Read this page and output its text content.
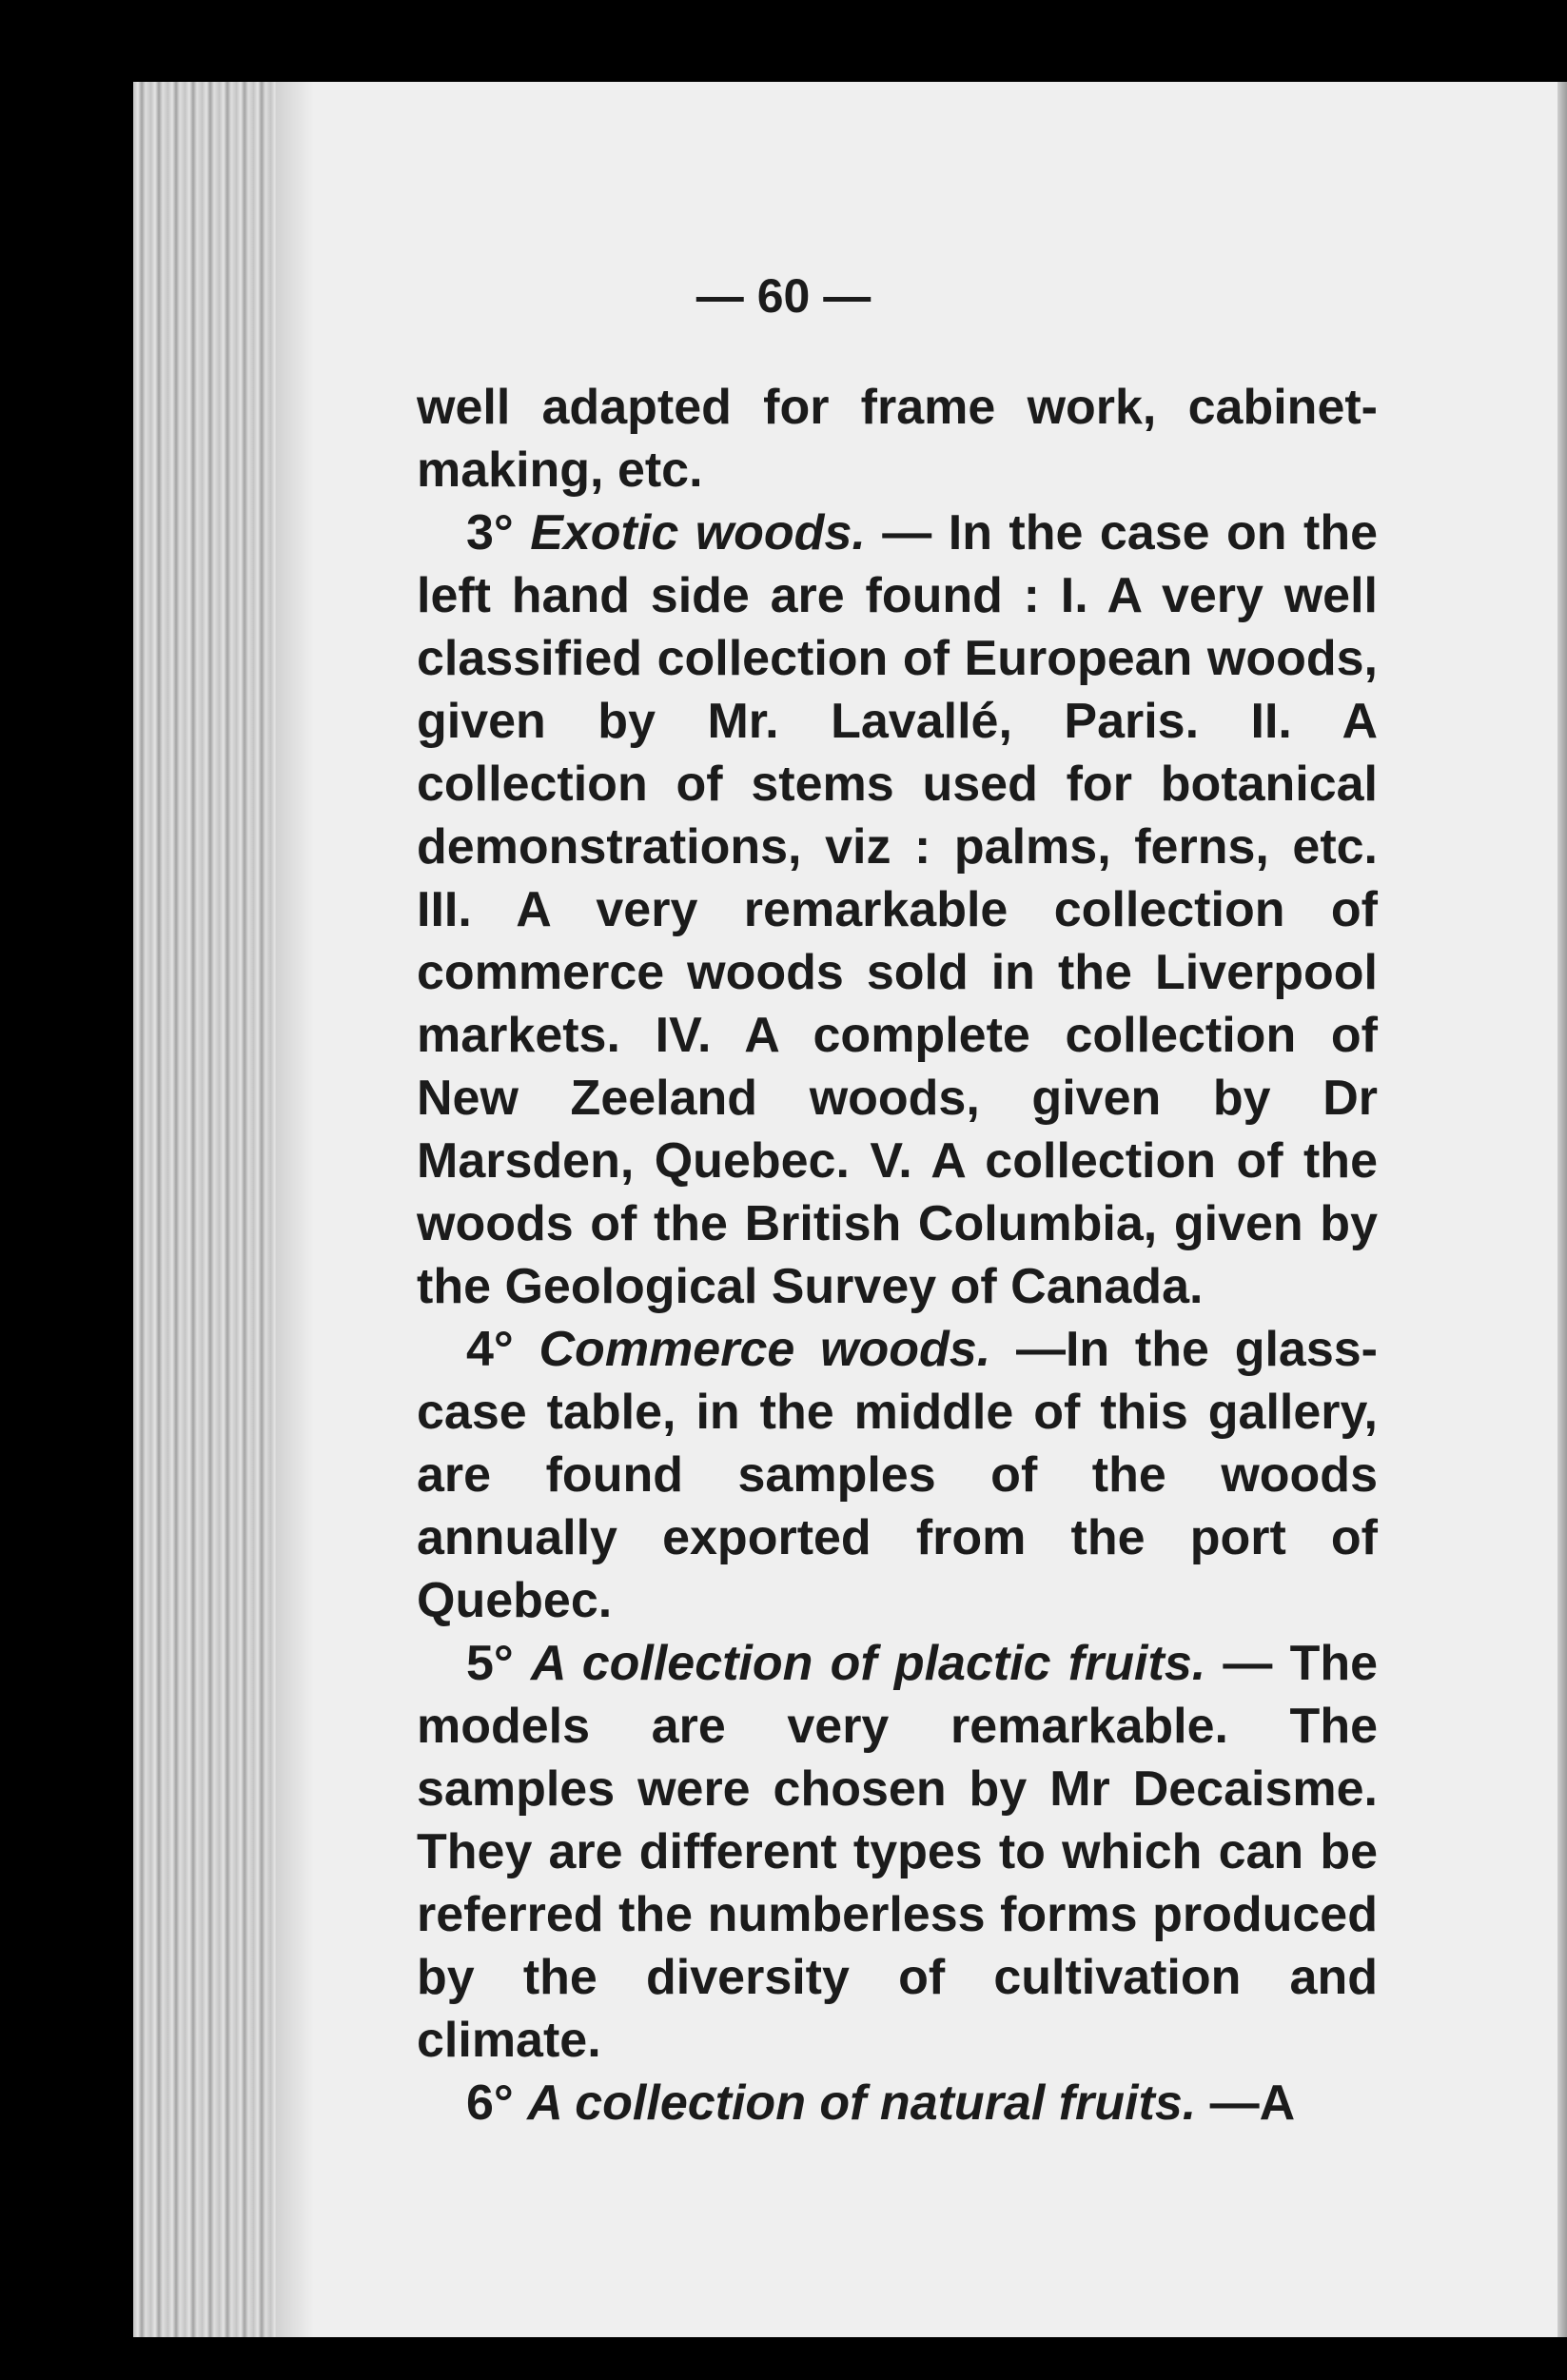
— 60 —

well adapted for frame work, cabinet-making, etc.

3° Exotic woods. — In the case on the left hand side are found : I. A very well classified collection of European woods, given by Mr. Lavallé, Paris. II. A collection of stems used for botanical demonstrations, viz : palms, ferns, etc. III. A very remarkable collection of commerce woods sold in the Liverpool markets. IV. A complete collection of New Zeeland woods, given by Dr Marsden, Quebec. V. A collection of the woods of the British Columbia, given by the Geological Survey of Canada.

4° Commerce woods. —In the glass-case table, in the middle of this gallery, are found samples of the woods annually exported from the port of Quebec.

5° A collection of plactic fruits. — The models are very remarkable. The samples were chosen by Mr Decaisme. They are different types to which can be referred the numberless forms produced by the diversity of cultivation and climate.

6° A collection of natural fruits. —A
